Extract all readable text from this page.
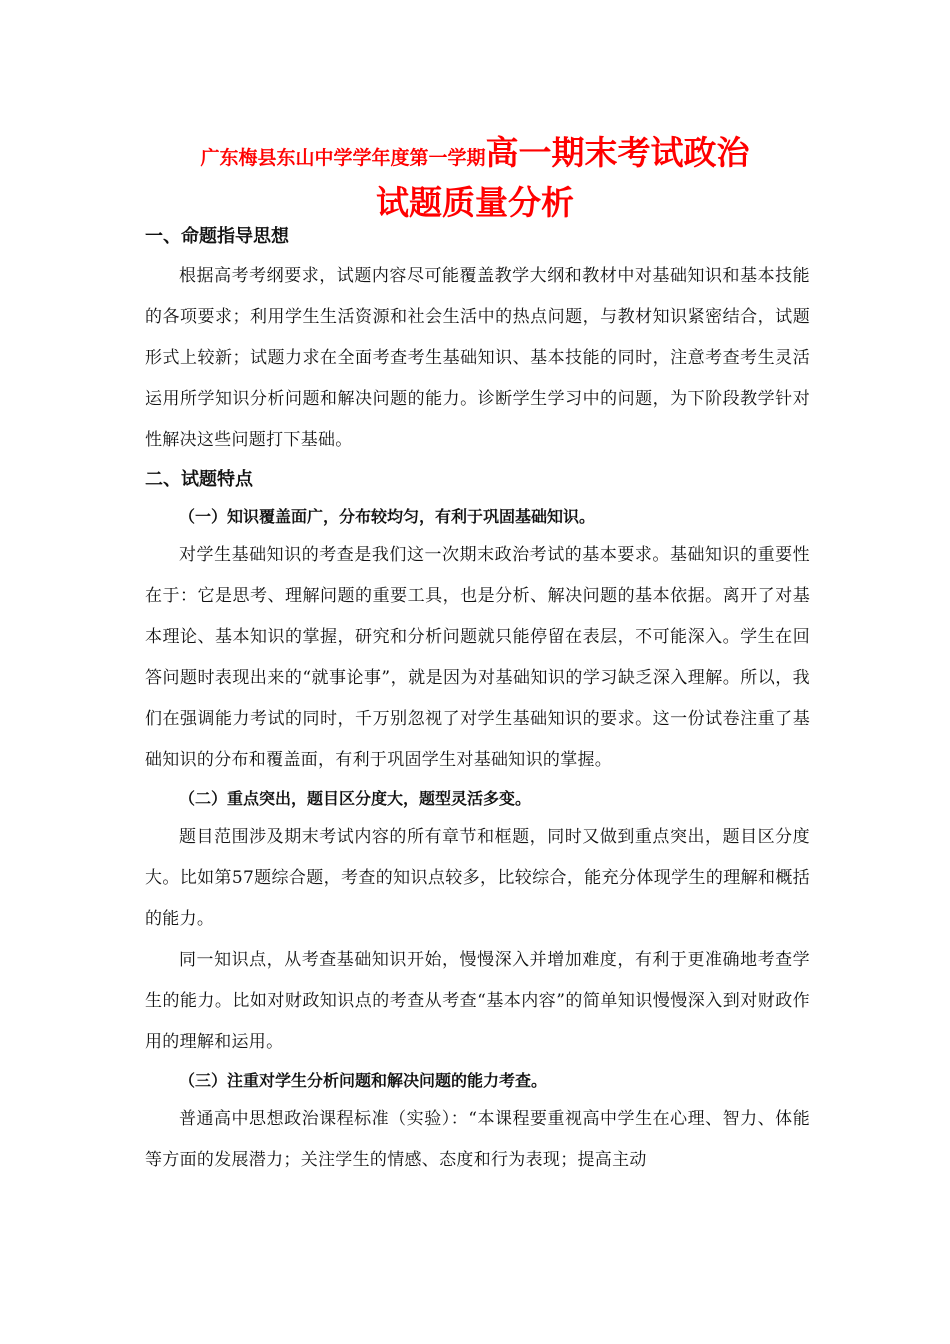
广东梅县东山中学学年度第一学期高一期末考试政治
试题质量分析
一、命题指导思想

根据高考考纲要求，试题内容尽可能覆盖教学大纲和教材中对基础知识和基本技能的各项要求；利用学生生活资源和社会生活中的热点问题，与教材知识紧密结合，试题形式上较新；试题力求在全面考查考生基础知识、基本技能的同时，注意考查考生灵活运用所学知识分析问题和解决问题的能力。诊断学生学习中的问题，为下阶段教学针对性解决这些问题打下基础。

二、试题特点
（一）知识覆盖面广，分布较均匀，有利于巩固基础知识。

对学生基础知识的考查是我们这一次期末政治考试的基本要求。基础知识的重要性在于：它是思考、理解问题的重要工具，也是分析、解决问题的基本依据。离开了对基本理论、基本知识的掌握，研究和分析问题就只能停留在表层，不可能深入。学生在回答问题时表现出来的“就事论事”，就是因为对基础知识的学习缺乏深入理解。所以，我们在强调能力考试的同时，千万别忽视了对学生基础知识的要求。这一份试卷注重了基础知识的分布和覆盖面，有利于巩固学生对基础知识的掌握。

（二）重点突出，题目区分度大，题型灵活多变。

题目范围涉及期末考试内容的所有章节和框题，同时又做到重点突出，题目区分度大。比如第57题综合题，考查的知识点较多，比较综合，能充分体现学生的理解和概括的能力。

同一知识点，从考查基础知识开始，慢慢深入并增加难度，有利于更准确地考查学生的能力。比如对财政知识点的考查从考查“基本内容”的简单知识慢慢深入到对财政作用的理解和运用。

（三）注重对学生分析问题和解决问题的能力考查。

普通高中思想政治课程标准（实验）：“本课程要重视高中学生在心理、智力、体能等方面的发展潜力；关注学生的情感、态度和行为表现；提高主动
